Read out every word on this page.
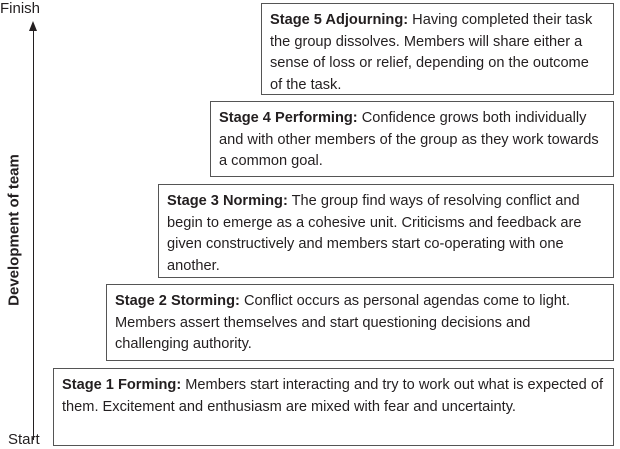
Finish
Development of team
Start
Stage 5 Adjourning: Having completed their task the group dissolves. Members will share either a sense of loss or relief, depending on the outcome of the task.
Stage 4 Performing: Confidence grows both individually and with other members of the group as they work towards a common goal.
Stage 3 Norming: The group find ways of resolving conflict and begin to emerge as a cohesive unit. Criticisms and feedback are given constructively and members start co-operating with one another.
Stage 2 Storming: Conflict occurs as personal agendas come to light. Members assert themselves and start questioning decisions and challenging authority.
Stage 1 Forming: Members start interacting and try to work out what is expected of them. Excitement and enthusiasm are mixed with fear and uncertainty.
